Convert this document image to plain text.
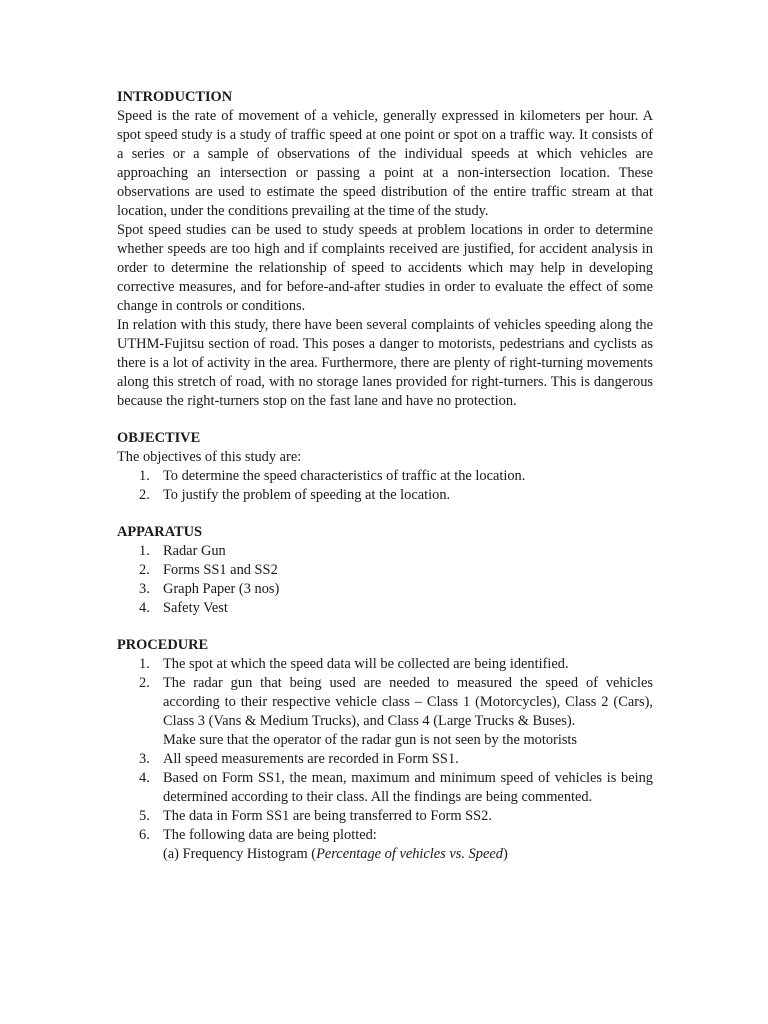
INTRODUCTION

Speed is the rate of movement of a vehicle, generally expressed in kilometers per hour. A spot speed study is a study of traffic speed at one point or spot on a traffic way. It consists of a series or a sample of observations of the individual speeds at which vehicles are approaching an intersection or passing a point at a non-intersection location. These observations are used to estimate the speed distribution of the entire traffic stream at that location, under the conditions prevailing at the time of the study.

Spot speed studies can be used to study speeds at problem locations in order to determine whether speeds are too high and if complaints received are justified, for accident analysis in order to determine the relationship of speed to accidents which may help in developing corrective measures, and for before-and-after studies in order to evaluate the effect of some change in controls or conditions.

In relation with this study, there have been several complaints of vehicles speeding along the UTHM-Fujitsu section of road. This poses a danger to motorists, pedestrians and cyclists as there is a lot of activity in the area. Furthermore, there are plenty of right-turning movements along this stretch of road, with no storage lanes provided for right-turners. This is dangerous because the right-turners stop on the fast lane and have no protection.

OBJECTIVE

The objectives of this study are:

1. To determine the speed characteristics of traffic at the location.
2. To justify the problem of speeding at the location.

APPARATUS

1. Radar Gun
2. Forms SS1 and SS2
3. Graph Paper (3 nos)
4. Safety Vest

PROCEDURE

1. The spot at which the speed data will be collected are being identified.
2. The radar gun that being used are needed to measured the speed of vehicles according to their respective vehicle class – Class 1 (Motorcycles), Class 2 (Cars), Class 3 (Vans & Medium Trucks), and Class 4 (Large Trucks & Buses).
Make sure that the operator of the radar gun is not seen by the motorists
3. All speed measurements are recorded in Form SS1.
4. Based on Form SS1, the mean, maximum and minimum speed of vehicles is being determined according to their class. All the findings are being commented.
5. The data in Form SS1 are being transferred to Form SS2.
6. The following data are being plotted:
(a) Frequency Histogram (Percentage of vehicles vs. Speed)
